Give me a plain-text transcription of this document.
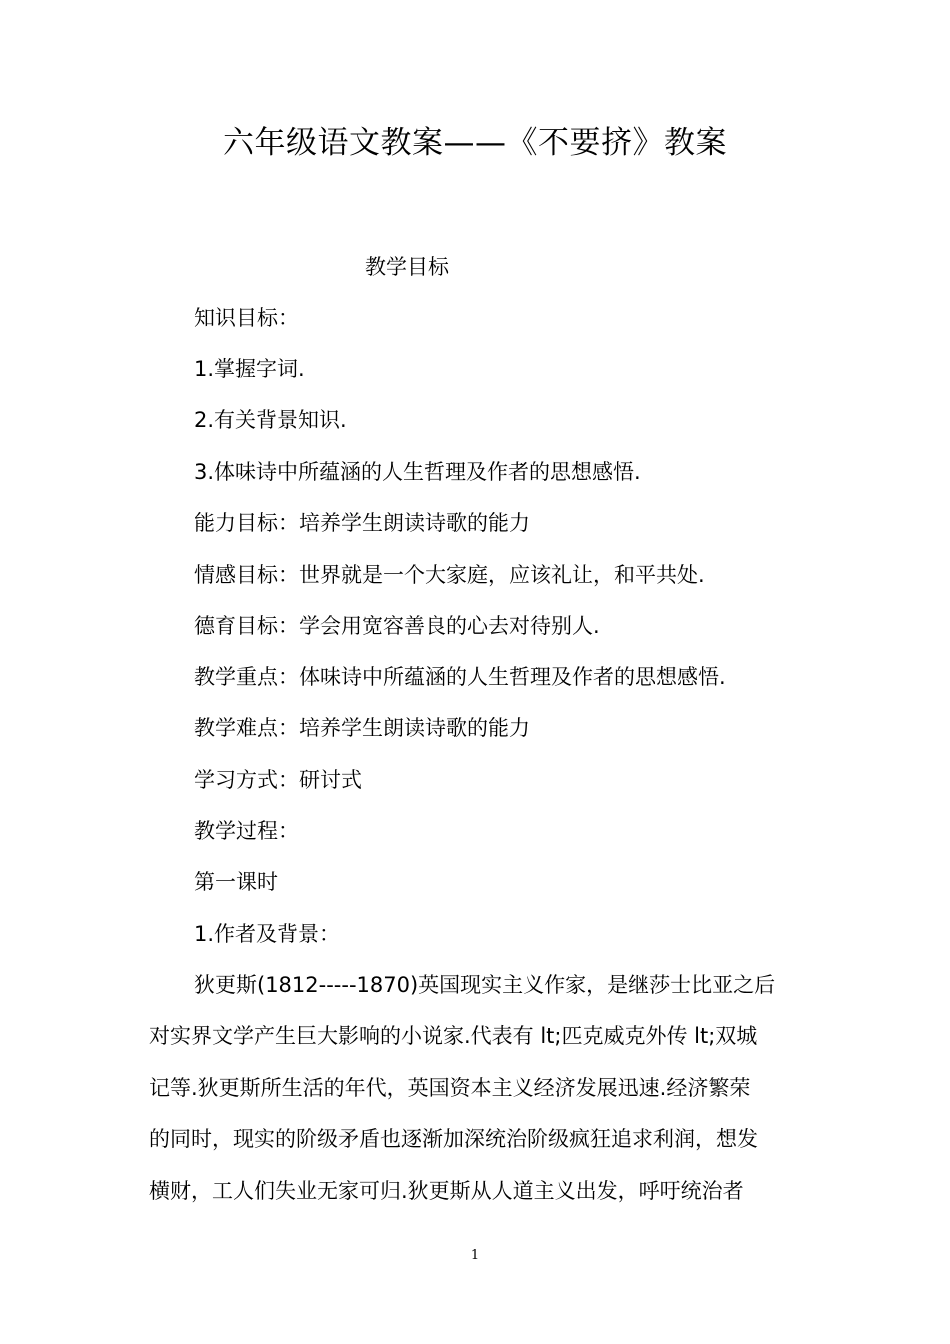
六年级语文教案——《不要挤》教案
教学目标
知识目标：
1.掌握字词.
2.有关背景知识.
3.体味诗中所蕴涵的人生哲理及作者的思想感悟.
能力目标：培养学生朗读诗歌的能力
情感目标：世界就是一个大家庭，应该礼让，和平共处.
德育目标：学会用宽容善良的心去对待别人.
教学重点：体味诗中所蕴涵的人生哲理及作者的思想感悟.
教学难点：培养学生朗读诗歌的能力
学习方式：研讨式
教学过程：
第一课时
1.作者及背景：
狄更斯(1812-----1870)英国现实主义作家，是继莎士比亚之后
对实界文学产生巨大影响的小说家.代表有 lt;匹克威克外传 lt;双城
记等.狄更斯所生活的年代，英国资本主义经济发展迅速.经济繁荣
的同时，现实的阶级矛盾也逐渐加深统治阶级疯狂追求利润，想发
横财，工人们失业无家可归.狄更斯从人道主义出发，呼吁统治者
1
